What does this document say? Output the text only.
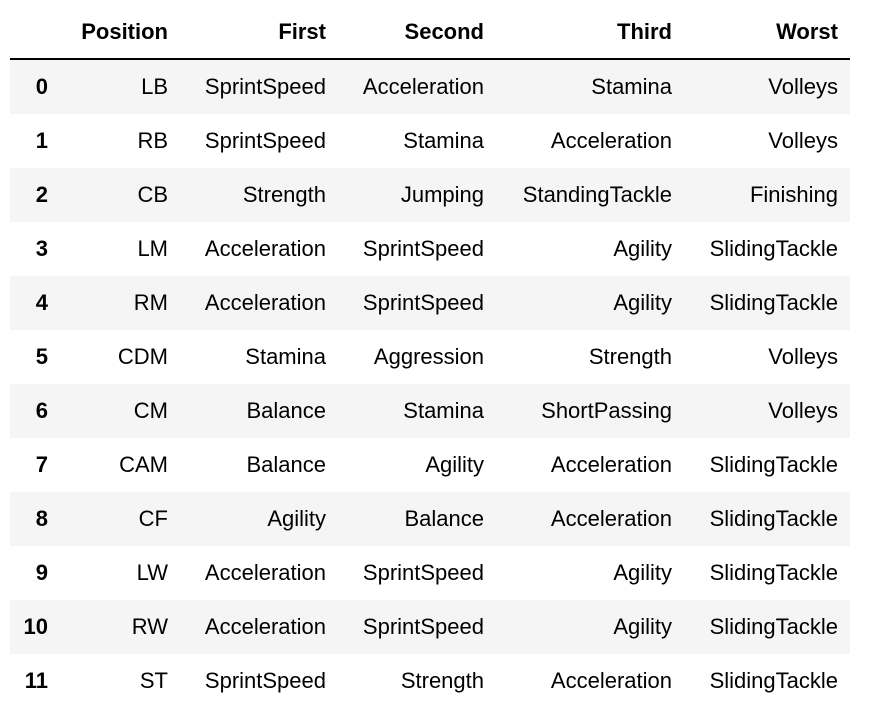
	Position	First	Second	Third	Worst
0	LB	SprintSpeed	Acceleration	Stamina	Volleys
1	RB	SprintSpeed	Stamina	Acceleration	Volleys
2	CB	Strength	Jumping	StandingTackle	Finishing
3	LM	Acceleration	SprintSpeed	Agility	SlidingTackle
4	RM	Acceleration	SprintSpeed	Agility	SlidingTackle
5	CDM	Stamina	Aggression	Strength	Volleys
6	CM	Balance	Stamina	ShortPassing	Volleys
7	CAM	Balance	Agility	Acceleration	SlidingTackle
8	CF	Agility	Balance	Acceleration	SlidingTackle
9	LW	Acceleration	SprintSpeed	Agility	SlidingTackle
10	RW	Acceleration	SprintSpeed	Agility	SlidingTackle
11	ST	SprintSpeed	Strength	Acceleration	SlidingTackle
